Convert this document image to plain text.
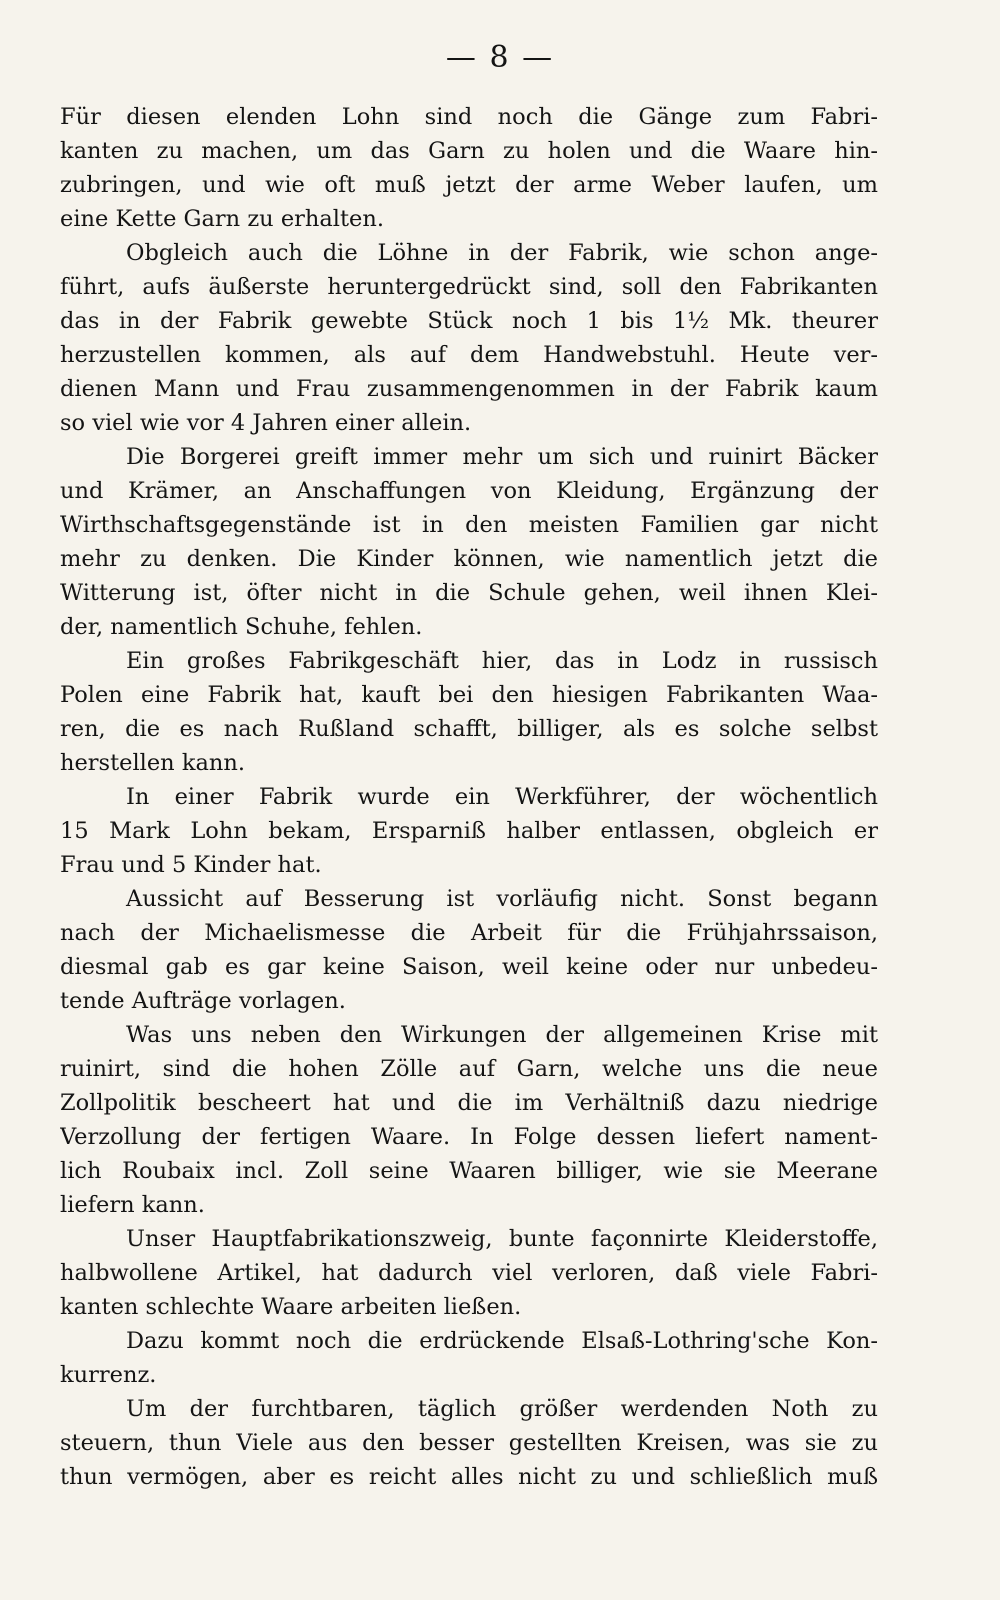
— 8 —
Für diesen elenden Lohn sind noch die Gänge zum Fabri-
kanten zu machen, um das Garn zu holen und die Waare hin-
zubringen, und wie oft muß jetzt der arme Weber laufen, um
eine Kette Garn zu erhalten.
Obgleich auch die Löhne in der Fabrik, wie schon ange-
führt, aufs äußerste heruntergedrückt sind, soll den Fabrikanten
das in der Fabrik gewebte Stück noch 1 bis 1½ Mk. theurer
herzustellen kommen, als auf dem Handwebstuhl. Heute ver-
dienen Mann und Frau zusammengenommen in der Fabrik kaum
so viel wie vor 4 Jahren einer allein.
Die Borgerei greift immer mehr um sich und ruinirt Bäcker
und Krämer, an Anschaffungen von Kleidung, Ergänzung der
Wirthschaftsgegenstände ist in den meisten Familien gar nicht
mehr zu denken. Die Kinder können, wie namentlich jetzt die
Witterung ist, öfter nicht in die Schule gehen, weil ihnen Klei-
der, namentlich Schuhe, fehlen.
Ein großes Fabrikgeschäft hier, das in Lodz in russisch
Polen eine Fabrik hat, kauft bei den hiesigen Fabrikanten Waa-
ren, die es nach Rußland schafft, billiger, als es solche selbst
herstellen kann.
In einer Fabrik wurde ein Werkführer, der wöchentlich
15 Mark Lohn bekam, Ersparniß halber entlassen, obgleich er
Frau und 5 Kinder hat.
Aussicht auf Besserung ist vorläufig nicht. Sonst begann
nach der Michaelismesse die Arbeit für die Frühjahrssaison,
diesmal gab es gar keine Saison, weil keine oder nur unbedeu-
tende Aufträge vorlagen.
Was uns neben den Wirkungen der allgemeinen Krise mit
ruinirt, sind die hohen Zölle auf Garn, welche uns die neue
Zollpolitik bescheert hat und die im Verhältniß dazu niedrige
Verzollung der fertigen Waare. In Folge dessen liefert nament-
lich Roubaix incl. Zoll seine Waaren billiger, wie sie Meerane
liefern kann.
Unser Hauptfabrikationszweig, bunte façonnirte Kleiderstoffe,
halbwollene Artikel, hat dadurch viel verloren, daß viele Fabri-
kanten schlechte Waare arbeiten ließen.
Dazu kommt noch die erdrückende Elsaß-Lothring'sche Kon-
kurrenz.
Um der furchtbaren, täglich größer werdenden Noth zu
steuern, thun Viele aus den besser gestellten Kreisen, was sie zu
thun vermögen, aber es reicht alles nicht zu und schließlich muß
